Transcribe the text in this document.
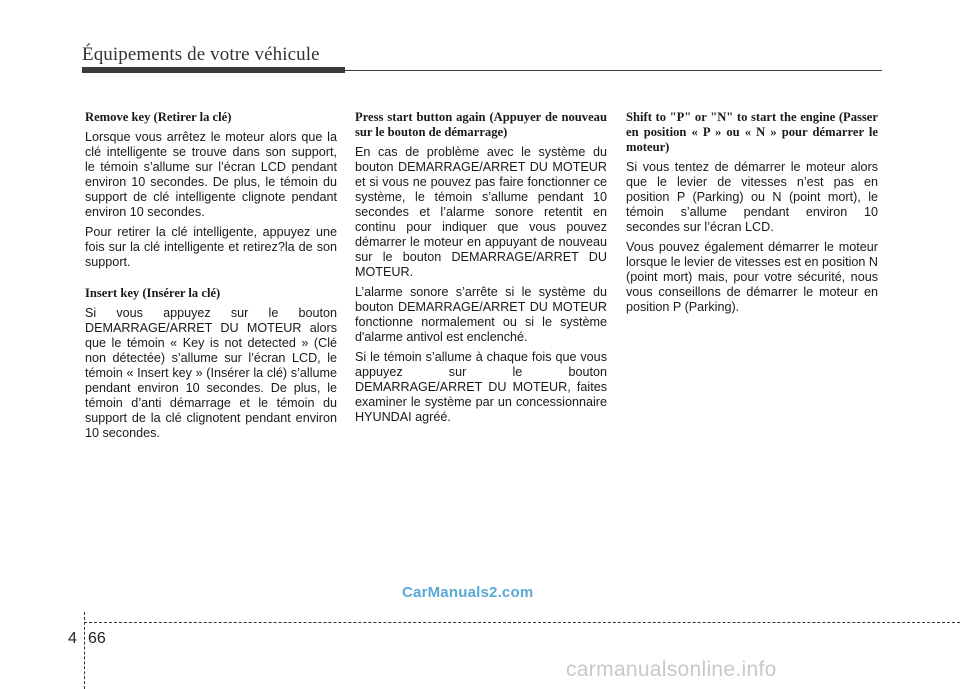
Équipements de votre véhicule

Remove key (Retirer la clé)

Lorsque vous arrêtez le moteur alors que la clé intelligente se trouve dans son support, le témoin s’allume sur l’écran LCD pendant environ 10 secondes. De plus, le témoin du support de clé intelligente clignote pendant environ 10 secondes.

Pour retirer la clé intelligente, appuyez une fois sur la clé intelligente et retirez?la de son support.

Insert key (Insérer la clé)

Si vous appuyez sur le bouton DEMARRAGE/ARRET DU MOTEUR alors que le témoin « Key is not detected » (Clé non détectée) s’allume sur l’écran LCD, le témoin « Insert key » (Insérer la clé) s’allume pendant environ 10 secondes. De plus, le témoin d’anti démarrage et le témoin du support de la clé clignotent pendant environ 10 secondes.

Press start button again (Appuyer de nouveau sur le bouton de démarrage)

En cas de problème avec le système du bouton DEMARRAGE/ARRET DU MOTEUR et si vous ne pouvez pas faire fonctionner ce système, le témoin s’allume pendant 10 secondes et l’alarme sonore retentit en continu pour indiquer que vous pouvez démarrer le moteur en appuyant de nouveau sur le bouton DEMARRAGE/ARRET DU MOTEUR.

L’alarme sonore s’arrête si le système du bouton DEMARRAGE/ARRET DU MOTEUR fonctionne normalement ou si le système d'alarme antivol est enclenché.

Si le témoin s’allume à chaque fois que vous appuyez sur le bouton DEMARRAGE/ARRET DU MOTEUR, faites examiner le système par un concessionnaire HYUNDAI agréé.

Shift to "P" or "N" to start the engine (Passer en position « P » ou « N » pour démarrer le moteur)

Si vous tentez de démarrer le moteur alors que le levier de vitesses n’est pas en position P (Parking) ou N (point mort), le témoin s’allume pendant environ 10 secondes sur l’écran LCD.

Vous pouvez également démarrer le moteur lorsque le levier de vitesses est en position N (point mort) mais, pour votre sécurité, nous vous conseillons de démarrer le moteur en position P (Parking).

CarManuals2.com
4 66
carmanualsonline.info
